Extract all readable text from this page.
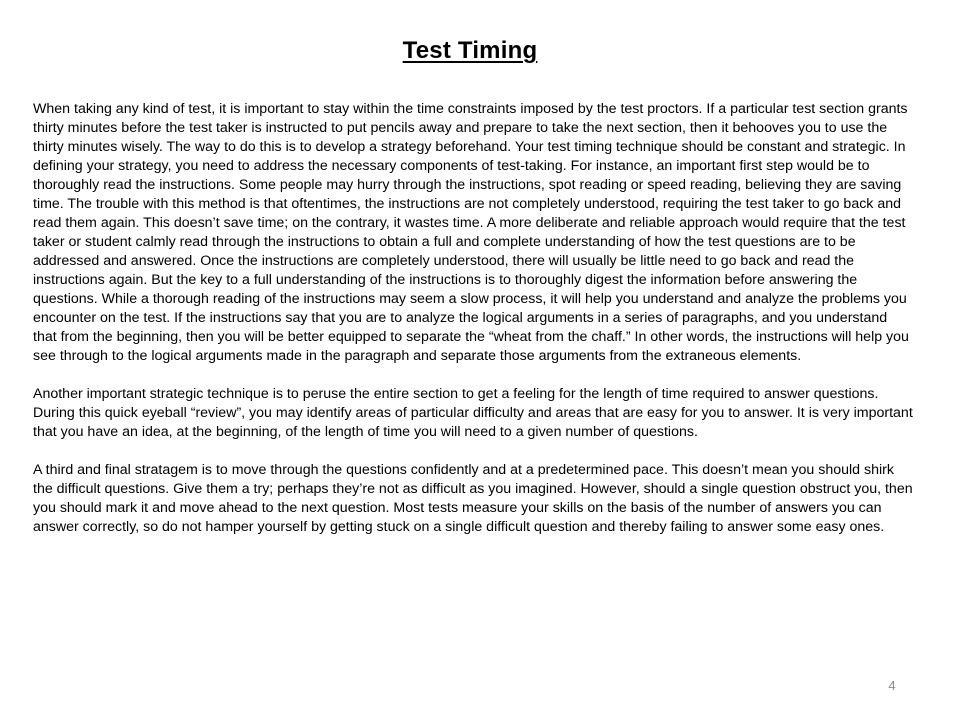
Test Timing

When taking any kind of test, it is important to stay within the time constraints imposed by the test proctors. If a particular test section grants thirty minutes before the test taker is instructed to put pencils away and prepare to take the next section, then it behooves you to use the thirty minutes wisely. The way to do this is to develop a strategy beforehand. Your test timing technique should be constant and strategic. In defining your strategy, you need to address the necessary components of test-taking. For instance, an important first step would be to thoroughly read the instructions. Some people may hurry through the instructions, spot reading or speed reading, believing they are saving time. The trouble with this method is that oftentimes, the instructions are not completely understood, requiring the test taker to go back and read them again. This doesn’t save time; on the contrary, it wastes time. A more deliberate and reliable approach would require that the test taker or student calmly read through the instructions to obtain a full and complete understanding of how the test questions are to be addressed and answered. Once the instructions are completely understood, there will usually be little need to go back and read the instructions again. But the key to a full understanding of the instructions is to thoroughly digest the information before answering the questions. While a thorough reading of the instructions may seem a slow process, it will help you understand and analyze the problems you encounter on the test. If the instructions say that you are to analyze the logical arguments in a series of paragraphs, and you understand that from the beginning, then you will be better equipped to separate the “wheat from the chaff.” In other words, the instructions will help you see through to the logical arguments made in the paragraph and separate those arguments from the extraneous elements.

Another important strategic technique is to peruse the entire section to get a feeling for the length of time required to answer questions. During this quick eyeball “review”, you may identify areas of particular difficulty and areas that are easy for you to answer. It is very important that you have an idea, at the beginning, of the length of time you will need to a given number of questions.

A third and final stratagem is to move through the questions confidently and at a predetermined pace. This doesn’t mean you should shirk the difficult questions. Give them a try; perhaps they’re not as difficult as you imagined. However, should a single question obstruct you, then you should mark it and move ahead to the next question. Most tests measure your skills on the basis of the number of answers you can answer correctly, so do not hamper yourself by getting stuck on a single difficult question and thereby failing to answer some easy ones.

4
